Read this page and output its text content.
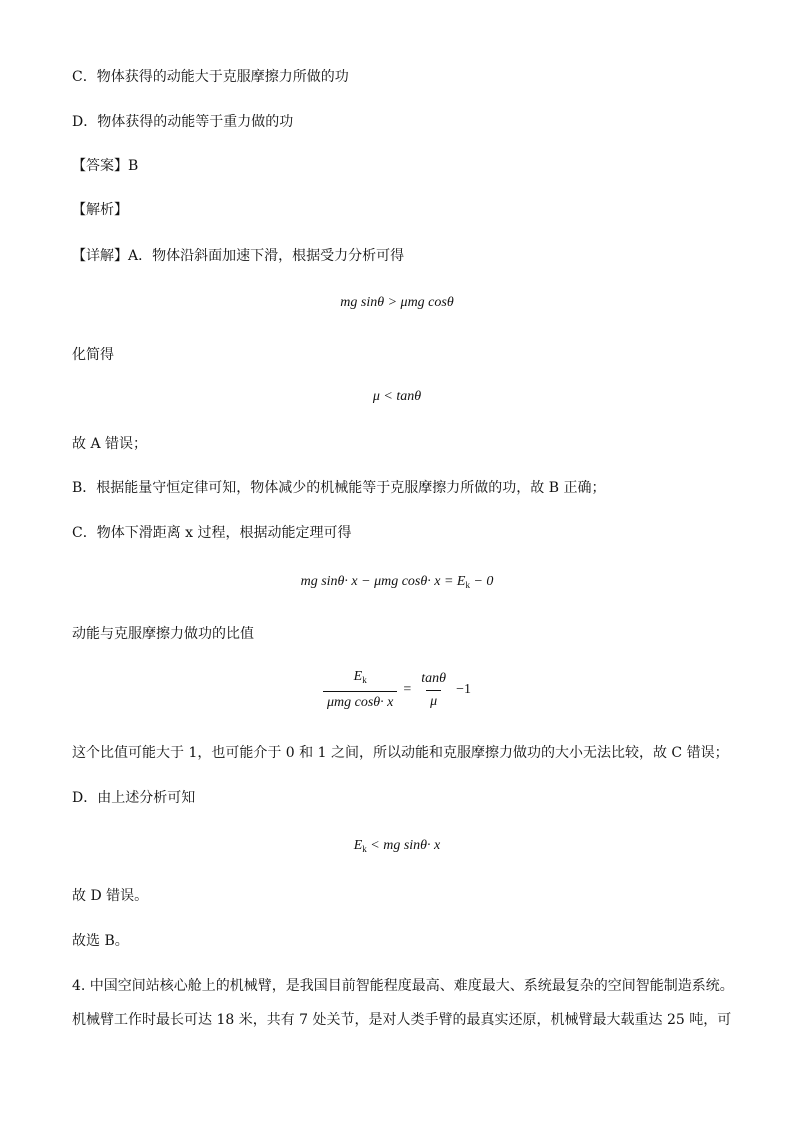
C．物体获得的动能大于克服摩擦力所做的功
D．物体获得的动能等于重力做的功
【答案】B
【解析】
【详解】A．物体沿斜面加速下滑，根据受力分析可得
mg sinθ > μmg cosθ
化简得
μ < tanθ
故 A 错误；
B．根据能量守恒定律可知，物体减少的机械能等于克服摩擦力所做的功，故 B 正确；
C．物体下滑距离 x 过程，根据动能定理可得
mg sinθ· x − μmg $\cos\theta\cdot x = E_k - 0$
动能与克服摩擦力做功的比值
$\frac{E_k}{\text{μmg cosθ· x}} = \frac{\tan\theta}{\mu} -1$
这个比值可能大于 1，也可能介于 0 和 1 之间，所以动能和克服摩擦力做功的大小无法比较，故 C 错误；
D．由上述分析可知
$E_k$ < mg sinθ· x
故 D 错误。
故选 B。
4. 中国空间站核心舱上的机械臂，是我国目前智能程度最高、难度最大、系统最复杂的空间智能制造系统。
机械臂工作时最长可达 18 米，共有 7 处关节，是对人类手臂的最真实还原，机械臂最大载重达 25 吨，可
